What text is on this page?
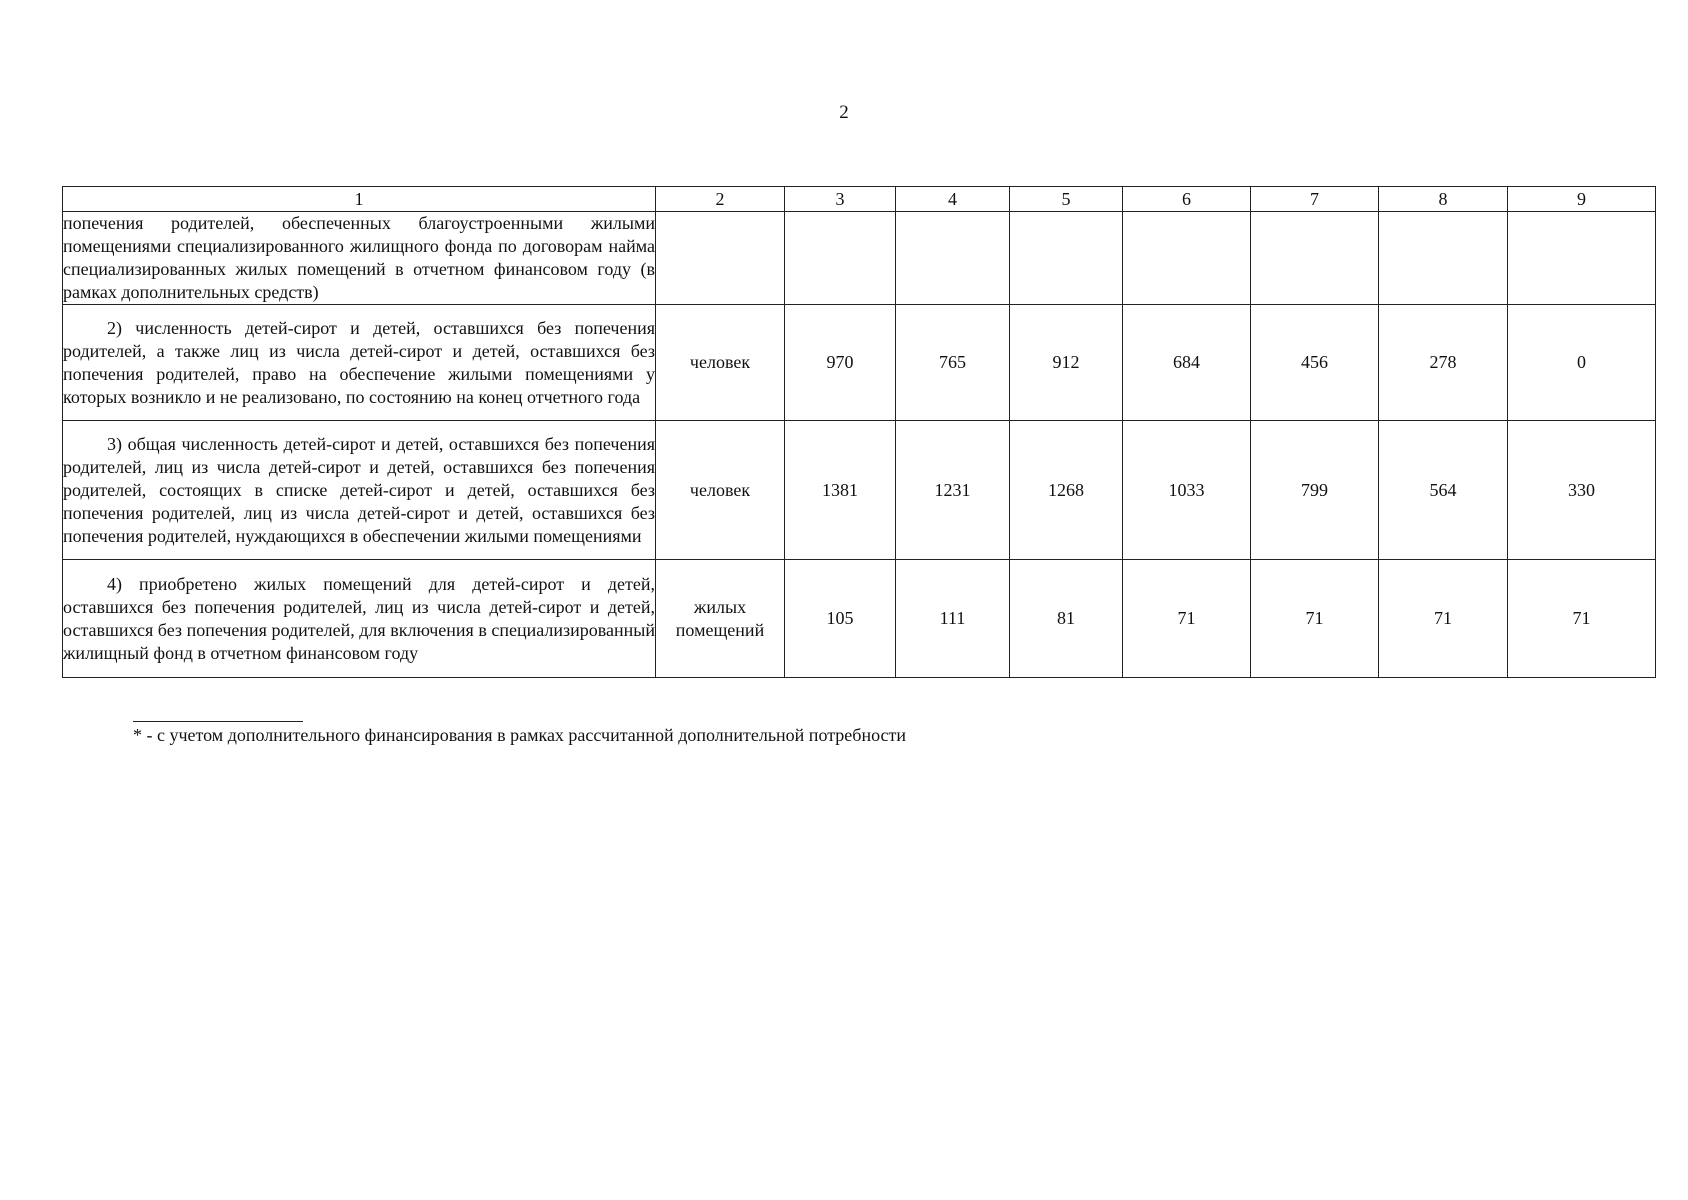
2
1	2	3	4	5	6	7	8	9
попечения родителей, обеспеченных благоустроенными жилыми помещениями специализированного жилищного фонда по договорам найма специализированных жилых помещений в отчетном финансовом году (в рамках дополнительных средств)								
2) численность детей-сирот и детей, оставшихся без попечения родителей, а также лиц из числа детей-сирот и детей, оставшихся без попечения родителей, право на обеспечение жилыми помещениями у которых возникло и не реализовано, по состоянию на конец отчетного года	человек	970	765	912	684	456	278	0
3) общая численность детей-сирот и детей, оставшихся без попечения родителей, лиц из числа детей-сирот и детей, оставшихся без попечения родителей, состоящих в списке детей-сирот и детей, оставшихся без попечения родителей, лиц из числа детей-сирот и детей, оставшихся без попечения родителей, нуждающихся в обеспечении жилыми помещениями	человек	1381	1231	1268	1033	799	564	330
4) приобретено жилых помещений для детей-сирот и детей, оставшихся без попечения родителей, лиц из числа детей-сирот и детей, оставшихся без попечения родителей, для включения в специализированный жилищный фонд в отчетном финансовом году	жилых помещений	105	111	81	71	71	71	71
* - с учетом дополнительного финансирования в рамках рассчитанной дополнительной потребности
